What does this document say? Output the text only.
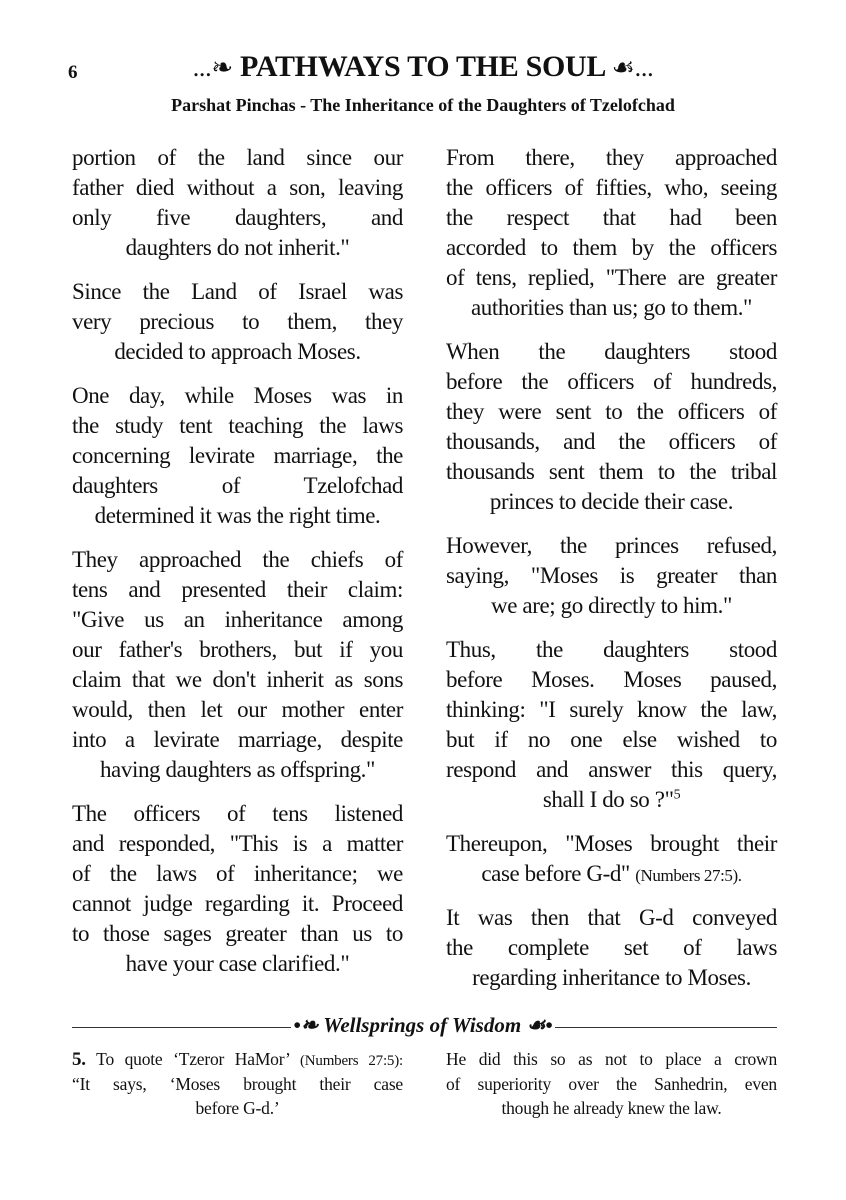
6	...❧ PATHWAYS TO THE SOUL ☙...
Parshat Pinchas - The Inheritance of the Daughters of Tzelofchad
portion of the land since our
father died without a son, leaving
only five daughters, and
daughters do not inherit."
Since the Land of Israel was
very precious to them, they
decided to approach Moses.
One day, while Moses was in
the study tent teaching the laws
concerning levirate marriage, the
daughters of Tzelofchad
determined it was the right time.
They approached the chiefs of
tens and presented their claim:
"Give us an inheritance among
our father's brothers, but if you
claim that we don't inherit as sons
would, then let our mother enter
into a levirate marriage, despite
having daughters as offspring."
The officers of tens listened
and responded, "This is a matter
of the laws of inheritance; we
cannot judge regarding it. Proceed
to those sages greater than us to
have your case clarified."
From there, they approached
the officers of fifties, who, seeing
the respect that had been
accorded to them by the officers
of tens, replied, "There are greater
authorities than us; go to them."
When the daughters stood
before the officers of hundreds,
they were sent to the officers of
thousands, and the officers of
thousands sent them to the tribal
princes to decide their case.
However, the princes refused,
saying, "Moses is greater than
we are; go directly to him."
Thus, the daughters stood
before Moses. Moses paused,
thinking: "I surely know the law,
but if no one else wished to
respond and answer this query,
shall I do so ?"$^5$
Thereupon, "Moses brought their
case before G-d" (Numbers 27:5).
It was then that G-d conveyed
the complete set of laws
regarding inheritance to Moses.
•❧ Wellsprings of Wisdom ☙•
5. To quote ‘Tzeror HaMor’ (Numbers 27:5):
“It says, ‘Moses brought their case
before G-d.’
He did this so as not to place a crown
of superiority over the Sanhedrin, even
though he already knew the law.
